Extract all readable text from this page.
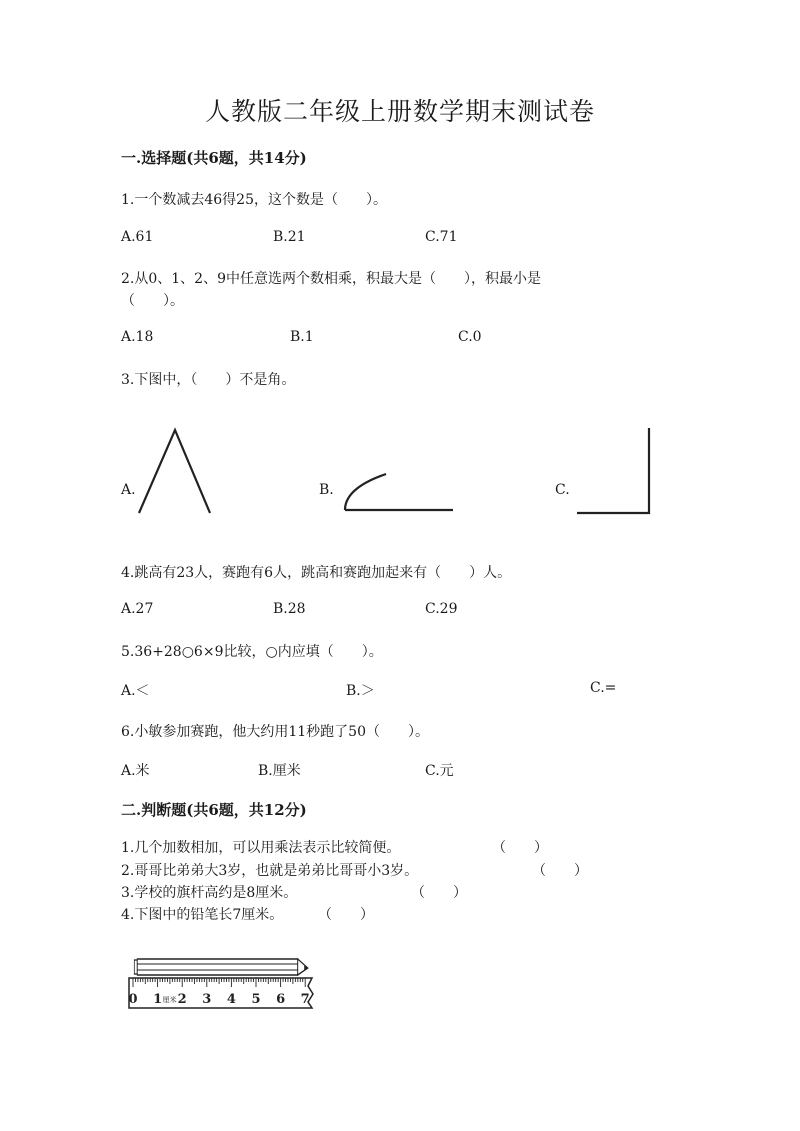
人教版二年级上册数学期末测试卷
一.选择题(共6题，共14分)
1.一个数减去46得25，这个数是（　　）。
A.61	B.21	C.71
2.从0、1、2、9中任意选两个数相乘，积最大是（　　），积最小是
（　　）。
A.18	B.1	C.0
3.下图中，（　　）不是角。
A.	B.	C.
4.跳高有23人，赛跑有6人，跳高和赛跑加起来有（　　）人。
A.27	B.28	C.29
5.36+28○6×9比较，○内应填（　　）。
A.＜	B.＞	C.=
6.小敏参加赛跑，他大约用11秒跑了50（　　）。
A.米	B.厘米	C.元
二.判断题(共6题，共12分)
1.几个加数相加，可以用乘法表示比较简便。	（　　）
2.哥哥比弟弟大3岁，也就是弟弟比哥哥小3岁。	（　　）
3.学校的旗杆高约是8厘米。	（　　）
4.下图中的铅笔长7厘米。 （　　）
0 1 2 3 4 5 6 7
厘米
